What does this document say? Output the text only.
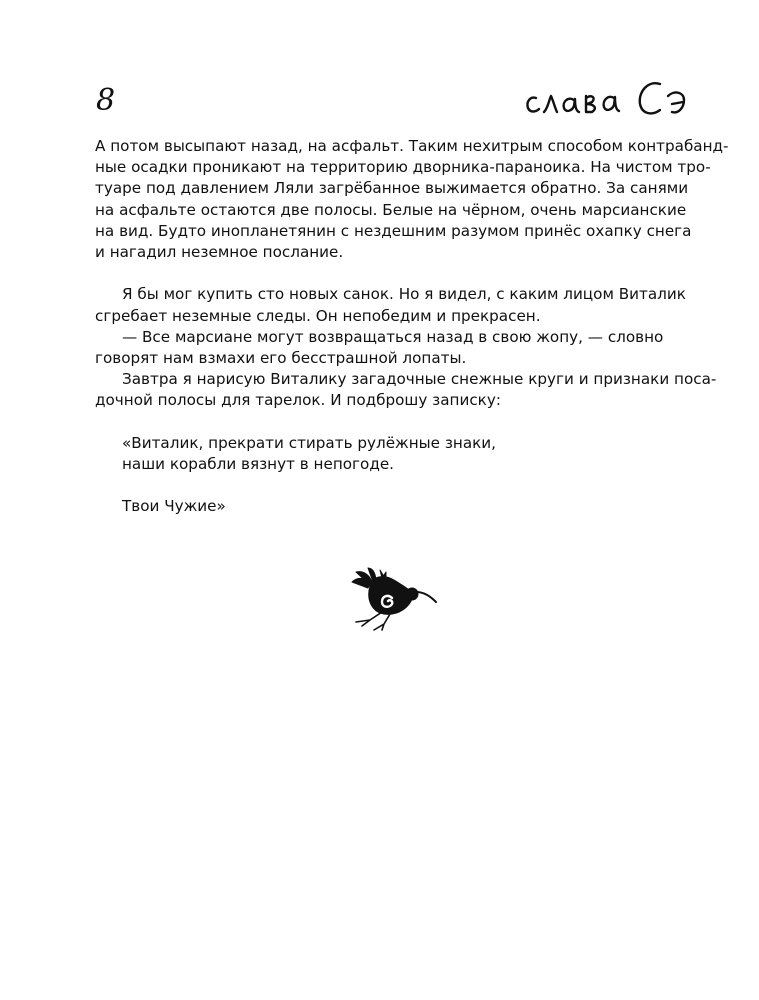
8

А потом высыпают назад, на асфальт. Таким нехитрым способом контрабанд-

ные осадки проникают на территорию дворника-параноика. На чистом тро-

туаре под давлением Ляли загрёбанное выжимается обратно. За санями

на асфальте остаются две полосы. Белые на чёрном, очень марсианские

на вид. Будто инопланетянин с нездешним разумом принёс охапку снега

и нагадил неземное послание.

Я бы мог купить сто новых санок. Но я видел, с каким лицом Виталик

сгребает неземные следы. Он непобедим и прекрасен.

— Все марсиане могут возвращаться назад в свою жопу, — словно

говорят нам взмахи его бесстрашной лопаты.

Завтра я нарисую Виталику загадочные снежные круги и признаки поса-

дочной полосы для тарелок. И подброшу записку:

«Виталик, прекрати стирать рулёжные знаки,

наши корабли вязнут в непогоде.

Твои Чужие»
